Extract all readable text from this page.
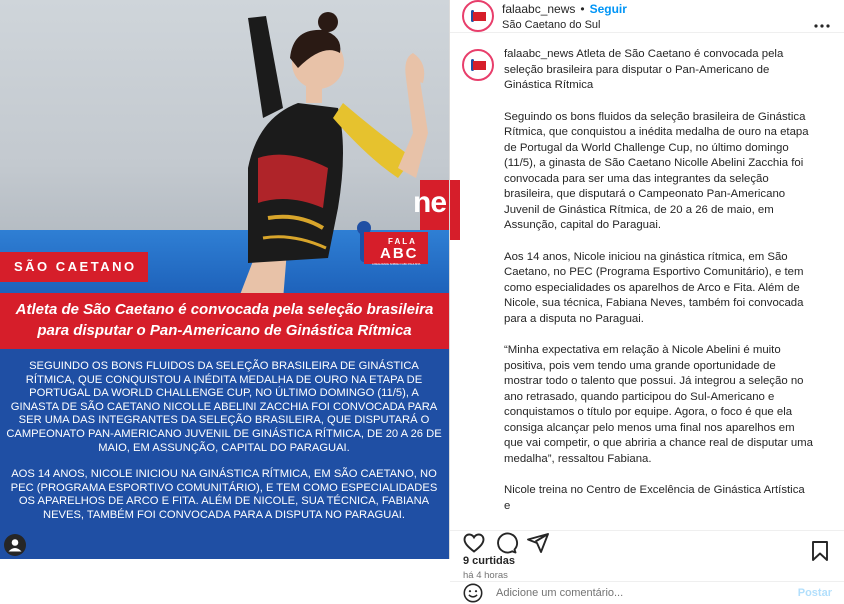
ne
SÃO CAETANO
FALA
ABC
A REALIDADE SOBRE O ABC PAULISTA
Atleta de São Caetano é convocada pela seleção brasileira para disputar o Pan-Americano de Ginástica Rítmica

SEGUINDO OS BONS FLUIDOS DA SELEÇÃO BRASILEIRA DE GINÁSTICA RÍTMICA, QUE CONQUISTOU A INÉDITA MEDALHA DE OURO NA ETAPA DE PORTUGAL DA WORLD CHALLENGE CUP, NO ÚLTIMO DOMINGO (11/5), A GINASTA DE SÃO CAETANO NICOLLE ABELINI ZACCHIA FOI CONVOCADA PARA SER UMA DAS INTEGRANTES DA SELEÇÃO BRASILEIRA, QUE DISPUTARÁ O CAMPEONATO PAN-AMERICANO JUVENIL DE GINÁSTICA RÍTMICA, DE 20 A 26 DE MAIO, EM ASSUNÇÃO, CAPITAL DO PARAGUAI.

AOS 14 ANOS, NICOLE INICIOU NA GINÁSTICA RÍTMICA, EM SÃO CAETANO, NO PEC (PROGRAMA ESPORTIVO COMUNITÁRIO), E TEM COMO ESPECIALIDADES OS APARELHOS DE ARCO E FITA. ALÉM DE NICOLE, SUA TÉCNICA, FABIANA NEVES, TAMBÉM FOI CONVOCADA PARA A DISPUTA NO PARAGUAI.

falaabc_news • Seguir
São Caetano do Sul

falaabc_news Atleta de São Caetano é convocada pela seleção brasileira para disputar o Pan-Americano de Ginástica Rítmica

Seguindo os bons fluidos da seleção brasileira de Ginástica Rítmica, que conquistou a inédita medalha de ouro na etapa de Portugal da World Challenge Cup, no último domingo (11/5), a ginasta de São Caetano Nicolle Abelini Zacchia foi convocada para ser uma das integrantes da seleção brasileira, que disputará o Campeonato Pan-Americano Juvenil de Ginástica Rítmica, de 20 a 26 de maio, em Assunção, capital do Paraguai.

Aos 14 anos, Nicole iniciou na ginástica rítmica, em São Caetano, no PEC (Programa Esportivo Comunitário), e tem como especialidades os aparelhos de Arco e Fita. Além de Nicole, sua técnica, Fabiana Neves, também foi convocada para a disputa no Paraguai.

“Minha expectativa em relação à Nicole Abelini é muito positiva, pois vem tendo uma grande oportunidade de mostrar todo o talento que possui. Já integrou a seleção no ano retrasado, quando participou do Sul-Americano e conquistamos o título por equipe. Agora, o foco é que ela consiga alcançar pelo menos uma final nos aparelhos em que vai competir, o que abriria a chance real de disputar uma medalha”, ressaltou Fabiana.

Nicole treina no Centro de Excelência de Ginástica Artística e

9 curtidas
há 4 horas
Adicione um comentário...
Postar
